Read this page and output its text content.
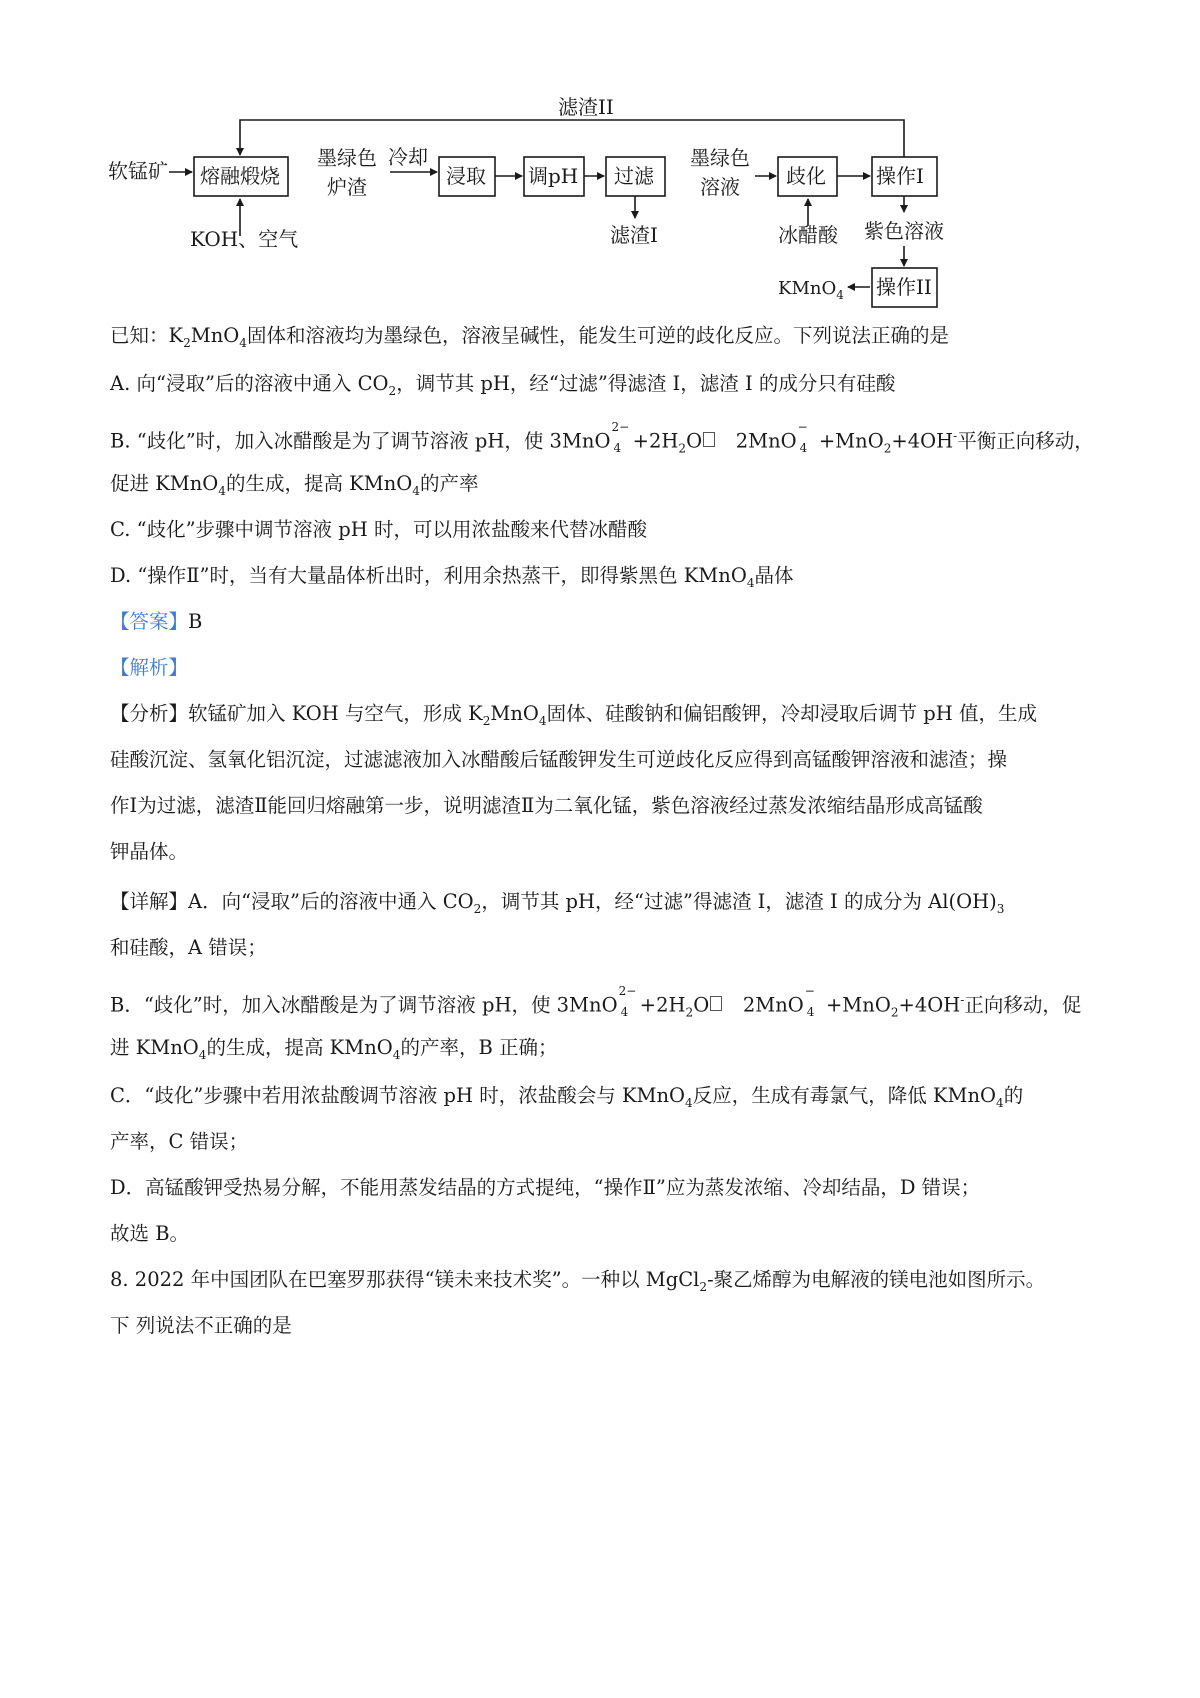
软锰矿 熔融煅烧
KOH、空气
滤渣II
墨绿色
炉渣
冷却
浸取 调pH 过滤
滤渣I
墨绿色
溶液 歧化
冰醋酸
操作I
紫色溶液
操作II
KMnO$_4$
已知：$K_2MnO_4$固体和溶液均为墨绿色，溶液呈碱性，能发生可逆的歧化反应。下列说法正确的是
A. 向“浸取”后的溶液中通入 $CO_2$，调节其 pH，经“过滤”得滤渣 I，滤渣 I 的成分只有硅酸
B. “歧化”时，加入冰醋酸是为了调节溶液 pH，使 3MnO
2−
$4 +2H_2O$ 2MnO
−
4 +MnO$_2$+4OH-平衡正向移动，
促进 KMnO$_4$的生成，提高 KMnO$_4$的产率
C. “歧化”步骤中调节溶液 pH 时，可以用浓盐酸来代替冰醋酸
D. “操作Ⅱ”时，当有大量晶体析出时，利用余热蒸干，即得紫黑色 KMnO$_4$晶体
【答案】B
【解析】
【分析】软锰矿加入 KOH 与空气，形成 $K_2MnO_4$固体、硅酸钠和偏铝酸钾，冷却浸取后调节 pH 值，生成
硅酸沉淀、氢氧化铝沉淀，过滤滤液加入冰醋酸后锰酸钾发生可逆歧化反应得到高锰酸钾溶液和滤渣；操
作Ⅰ为过滤，滤渣Ⅱ能回归熔融第一步，说明滤渣Ⅱ为二氧化锰，紫色溶液经过蒸发浓缩结晶形成高锰酸
钾晶体。
【详解】A．向“浸取”后的溶液中通入 $CO_2$，调节其 pH，经“过滤”得滤渣 I，滤渣 I 的成分为 $Al(OH)_3$
和硅酸，A 错误；
B．“歧化”时，加入冰醋酸是为了调节溶液 pH，使 3MnO
2−
$4 +2H_2O$ 2MnO
−
4 +MnO$_2$+4OH-正向移动，促
进 KMnO$_4$的生成，提高 KMnO$_4$的产率，B 正确；
C．“歧化”步骤中若用浓盐酸调节溶液 pH 时，浓盐酸会与 KMnO$_4$反应，生成有毒氯气，降低 KMnO$_4$的
产率，C 错误；
D．高锰酸钾受热易分解，不能用蒸发结晶的方式提纯，“操作Ⅱ”应为蒸发浓缩、冷却结晶，D 错误；
故选 B。
8. 2022 年中国团队在巴塞罗那获得“镁未来技术奖”。一种以 MgCl$_2$-聚乙烯醇为电解液的镁电池如图所示。
下 列说法不正确的是
